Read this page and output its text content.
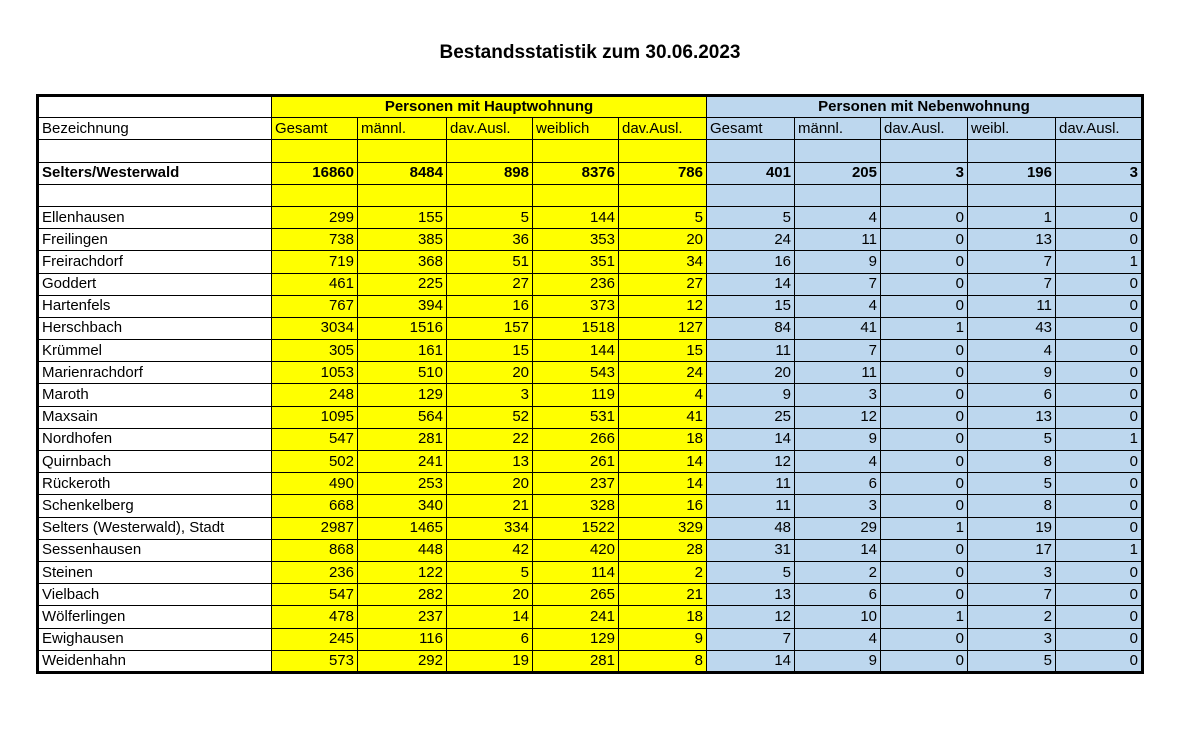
Bestandsstatistik zum 30.06.2023
	Personen mit Hauptwohnung					Personen mit Nebenwohnung				
Bezeichnung	Gesamt	männl.	dav.Ausl.	weiblich	dav.Ausl.	Gesamt	männl.	dav.Ausl.	weibl.	dav.Ausl.

Selters/Westerwald	16860	8484	898	8376	786	401	205	3	196	3

Ellenhausen	299	155	5	144	5	5	4	0	1	0
Freilingen	738	385	36	353	20	24	11	0	13	0
Freirachdorf	719	368	51	351	34	16	9	0	7	1
Goddert	461	225	27	236	27	14	7	0	7	0
Hartenfels	767	394	16	373	12	15	4	0	11	0
Herschbach	3034	1516	157	1518	127	84	41	1	43	0
Krümmel	305	161	15	144	15	11	7	0	4	0
Marienrachdorf	1053	510	20	543	24	20	11	0	9	0
Maroth	248	129	3	119	4	9	3	0	6	0
Maxsain	1095	564	52	531	41	25	12	0	13	0
Nordhofen	547	281	22	266	18	14	9	0	5	1
Quirnbach	502	241	13	261	14	12	4	0	8	0
Rückeroth	490	253	20	237	14	11	6	0	5	0
Schenkelberg	668	340	21	328	16	11	3	0	8	0
Selters (Westerwald), Stadt	2987	1465	334	1522	329	48	29	1	19	0
Sessenhausen	868	448	42	420	28	31	14	0	17	1
Steinen	236	122	5	114	2	5	2	0	3	0
Vielbach	547	282	20	265	21	13	6	0	7	0
Wölferlingen	478	237	14	241	18	12	10	1	2	0
Ewighausen	245	116	6	129	9	7	4	0	3	0
Weidenhahn	573	292	19	281	8	14	9	0	5	0
